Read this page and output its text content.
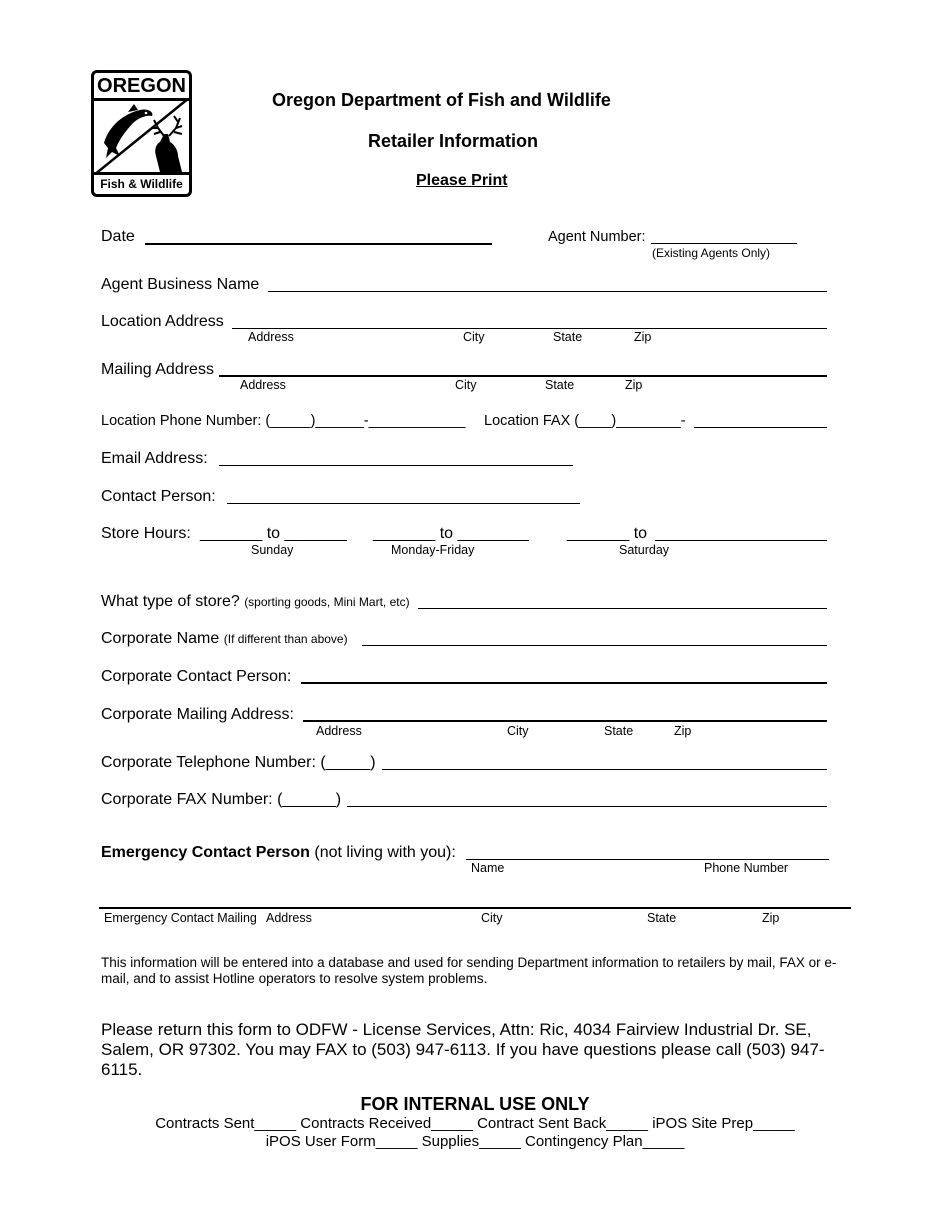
OREGON
Fish & Wildlife
Oregon Department of Fish and Wildlife
Retailer Information
Please Print
Date	Agent Number:
(Existing Agents Only)
Agent Business Name
Location Address
Address	City	State	Zip
Mailing Address
Address	City	State	Zip
Location Phone Number: (_____)______-____________ Location FAX (____)________-
Email Address:
Contact Person:
Store Hours: _______ to _______ _______ to ________ _______ to
Sunday	Monday-Friday	Saturday
What type of store? (sporting goods, Mini Mart, etc)
Corporate Name (If different than above)
Corporate Contact Person:
Corporate Mailing Address:
Address	City	State	Zip
Corporate Telephone Number: (_____)
Corporate FAX Number: (______)
Emergency Contact Person (not living with you):
Name	Phone Number
Emergency Contact Mailing Address	City	State	Zip
This information will be entered into a database and used for sending Department information to retailers by mail, FAX or e-mail, and to assist Hotline operators to resolve system problems.
Please return this form to ODFW - License Services, Attn: Ric, 4034 Fairview Industrial Dr. SE, Salem, OR 97302. You may FAX to (503) 947-6113. If you have questions please call (503) 947-6115.
FOR INTERNAL USE ONLY
Contracts Sent_____ Contracts Received_____ Contract Sent Back_____ iPOS Site Prep_____
iPOS User Form_____ Supplies_____ Contingency Plan_____
